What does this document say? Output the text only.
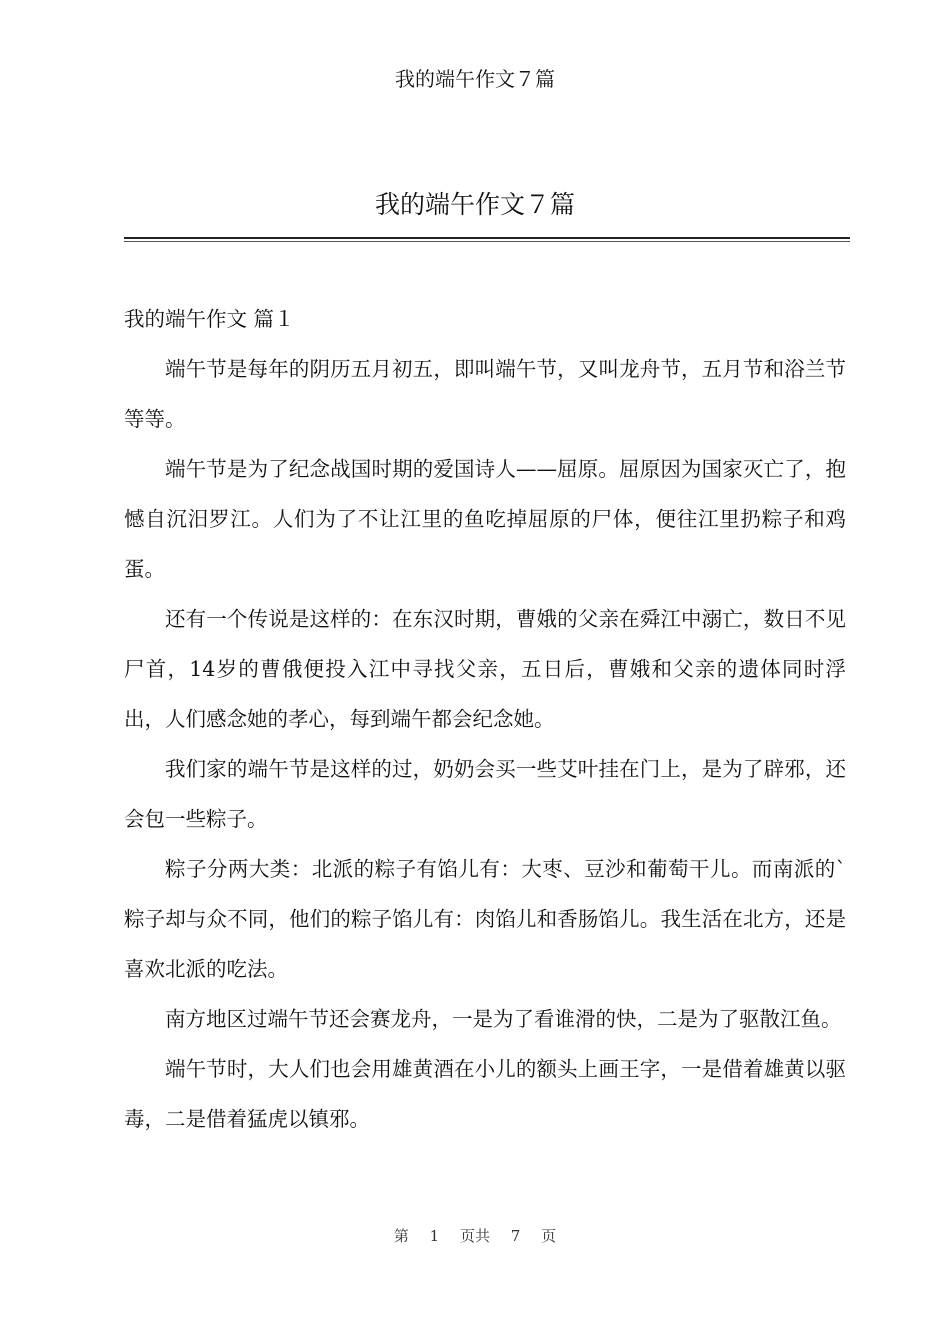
我的端午作文７篇
我的端午作文７篇

我的端午作文 篇１

端午节是每年的阴历五月初五，即叫端午节，又叫龙舟节，五月节和浴兰节等等。

端午节是为了纪念战国时期的爱国诗人——屈原。屈原因为国家灭亡了，抱憾自沉汨罗江。人们为了不让江里的鱼吃掉屈原的尸体，便往江里扔粽子和鸡蛋。

还有一个传说是这样的：在东汉时期，曹娥的父亲在舜江中溺亡，数日不见尸首，14岁的曹俄便投入江中寻找父亲，五日后，曹娥和父亲的遗体同时浮出，人们感念她的孝心，每到端午都会纪念她。

我们家的端午节是这样的过，奶奶会买一些艾叶挂在门上，是为了辟邪，还会包一些粽子。

粽子分两大类：北派的粽子有馅儿有：大枣、豆沙和葡萄干儿。而南派的`粽子却与众不同，他们的粽子馅儿有：肉馅儿和香肠馅儿。我生活在北方，还是喜欢北派的吃法。

南方地区过端午节还会赛龙舟，一是为了看谁滑的快，二是为了驱散江鱼。

端午节时，大人们也会用雄黄酒在小儿的额头上画王字，一是借着雄黄以驱毒，二是借着猛虎以镇邪。

第 1 页共 7 页
